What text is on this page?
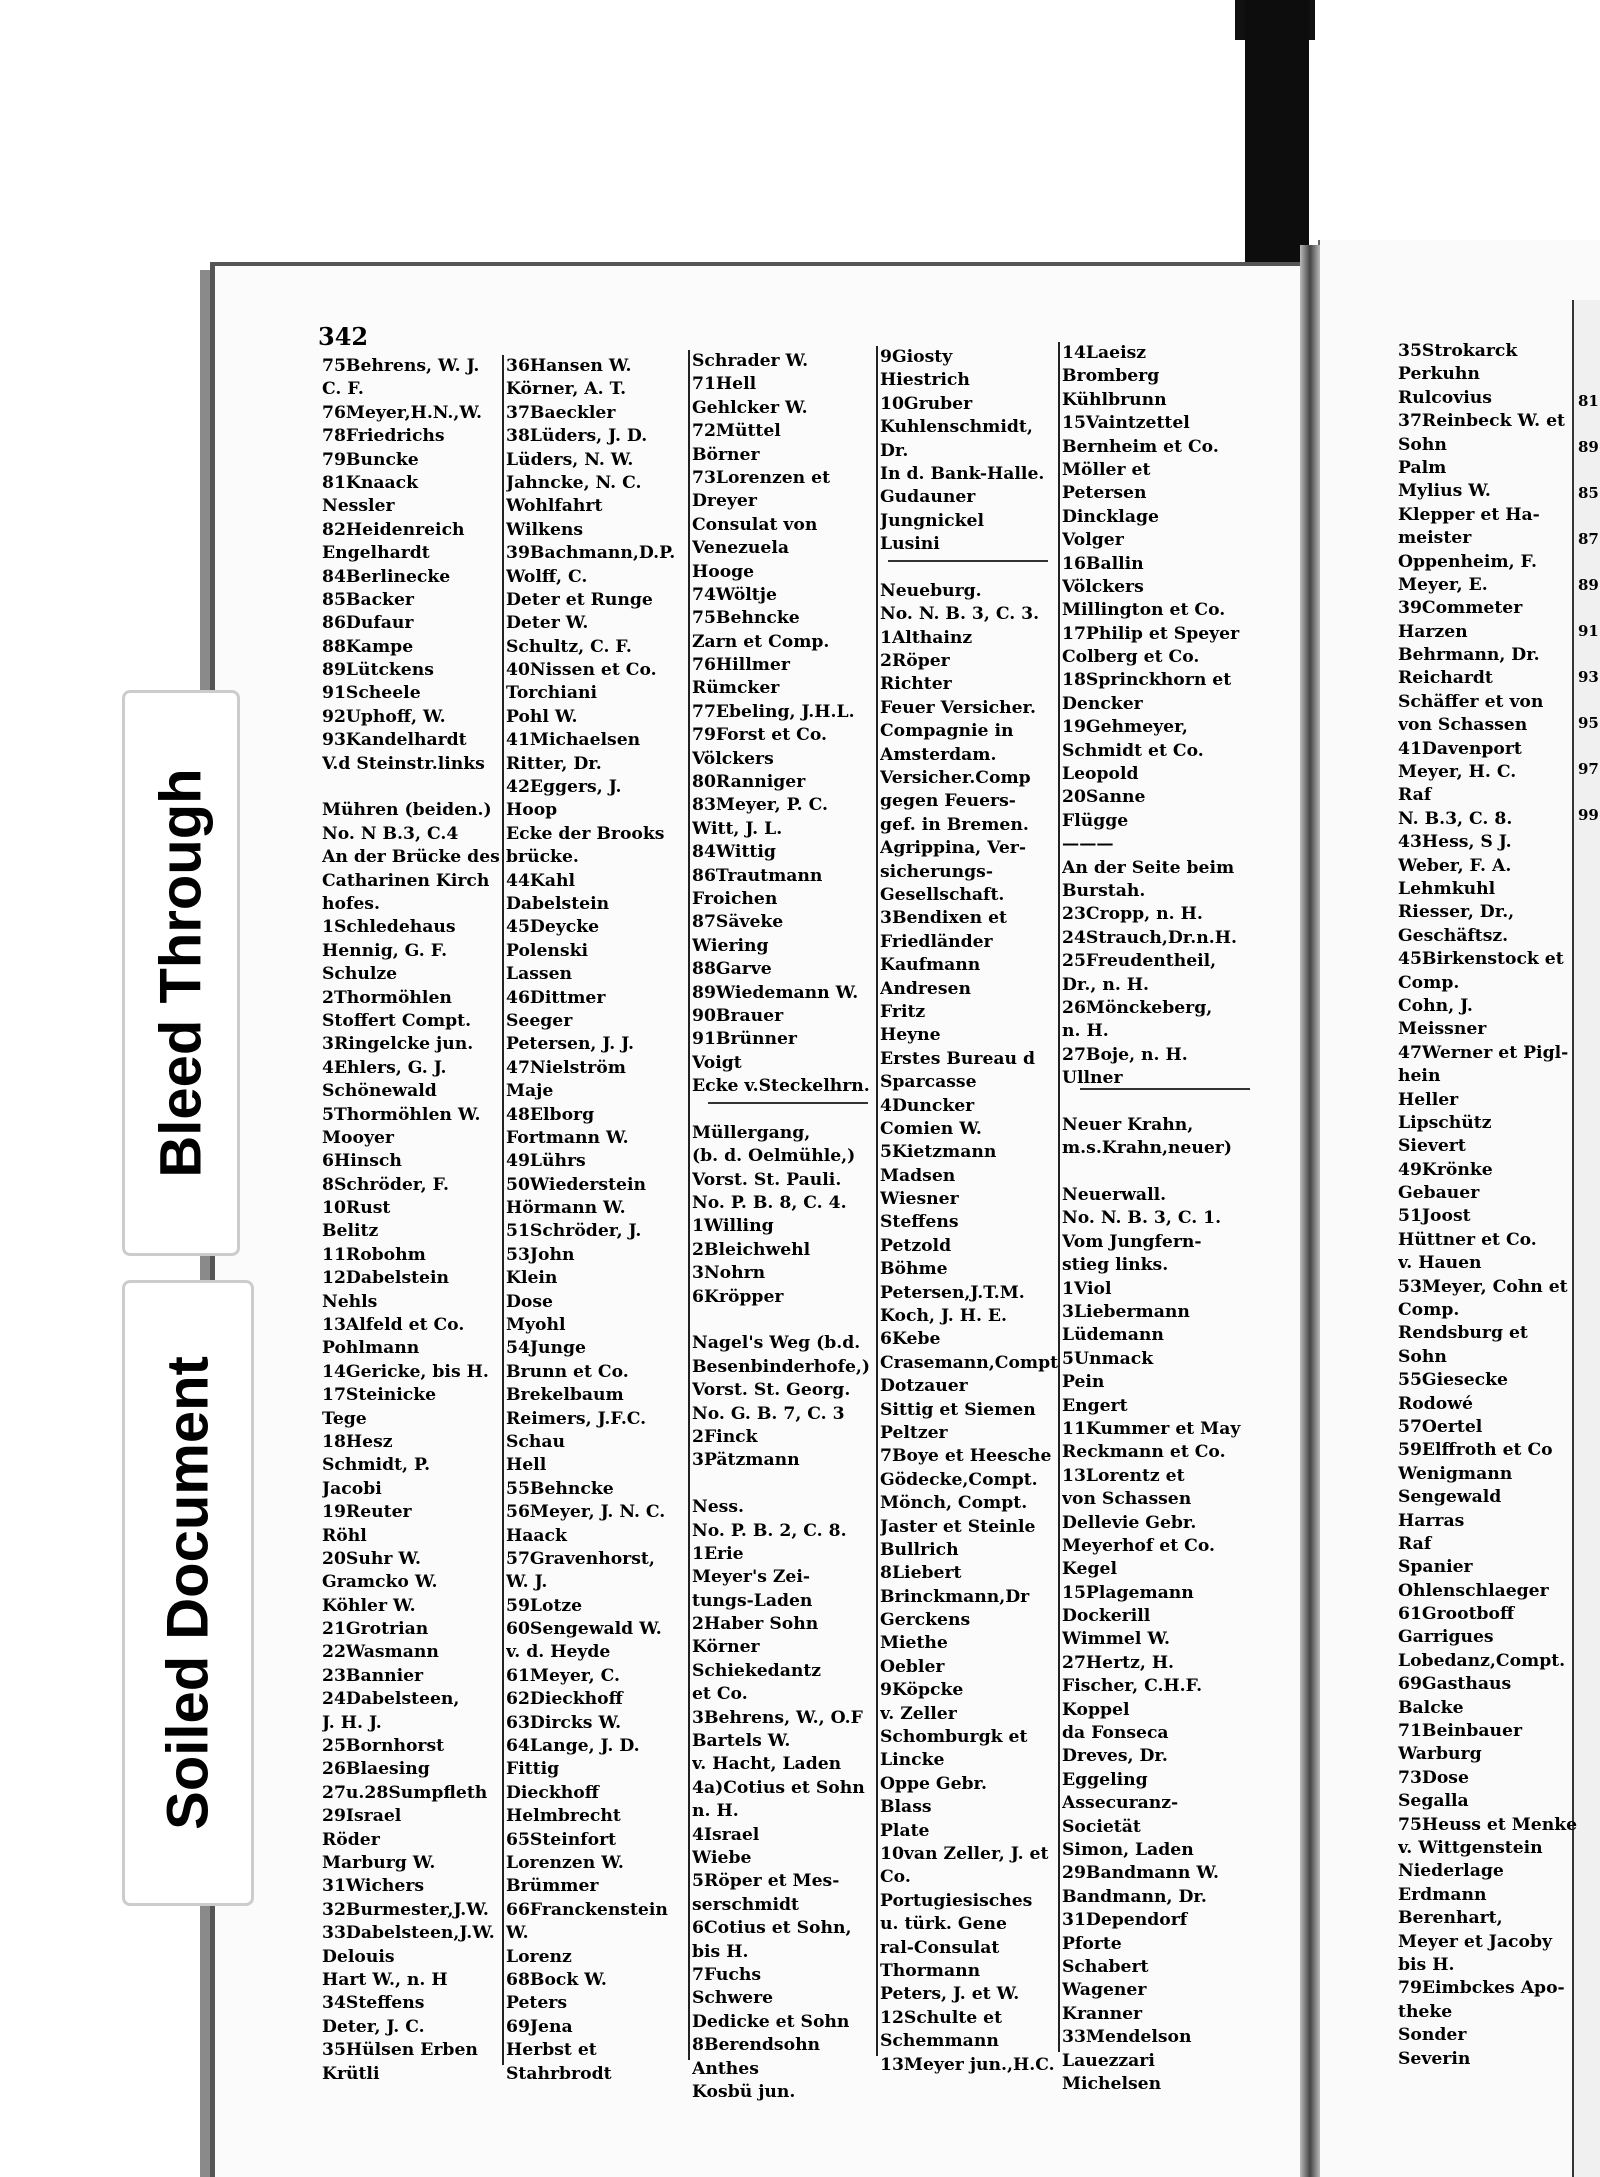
342
75Behrens, W. J.
C. F.
76Meyer,H.N.,W.
78Friedrichs
79Buncke
81Knaack
Nessler
82Heidenreich
Engelhardt
84Berlinecke
85Backer
86Dufaur
88Kampe
89Lütckens
91Scheele
92Uphoff, W.
93Kandelhardt
V.d Steinstr.links
Mühren (beiden.)
No. N B.3, C.4
An der Brücke des
Catharinen Kirch
hofes.
1Schledehaus
Hennig, G. F.
Schulze
2Thormöhlen
Stoffert Compt.
3Ringelcke jun.
4Ehlers, G. J.
Schönewald
5Thormöhlen W.
Mooyer
6Hinsch
8Schröder, F.
10Rust
Belitz
11Robohm
12Dabelstein
Nehls
13Alfeld et Co.
Pohlmann
14Gericke, bis H.
17Steinicke
Tege
18Hesz
Schmidt, P.
Jacobi
19Reuter
Röhl
20Suhr W.
Gramcko W.
Köhler W.
21Grotrian
22Wasmann
23Bannier
24Dabelsteen,
J. H. J.
25Bornhorst
26Blaesing
27u.28Sumpfleth
29Israel
Röder
Marburg W.
31Wichers
32Burmester,J.W.
33Dabelsteen,J.W.
Delouis
Hart W., n. H
34Steffens
Deter, J. C.
35Hülsen Erben
Krütli
36Hansen W.
Körner, A. T.
37Baeckler
38Lüders, J. D.
Lüders, N. W.
Jahncke, N. C.
Wohlfahrt
Wilkens
39Bachmann,D.P.
Wolff, C.
Deter et Runge
Deter W.
Schultz, C. F.
40Nissen et Co.
Torchiani
Pohl W.
41Michaelsen
Ritter, Dr.
42Eggers, J.
Hoop
Ecke der Brooks
brücke.
44Kahl
Dabelstein
45Deycke
Polenski
Lassen
46Dittmer
Seeger
Petersen, J. J.
47Nielström
Maje
48Elborg
Fortmann W.
49Lührs
50Wiederstein
Hörmann W.
51Schröder, J.
53John
Klein
Dose
Myohl
54Junge
Brunn et Co.
Brekelbaum
Reimers, J.F.C.
Schau
Hell
55Behncke
56Meyer, J. N. C.
Haack
57Gravenhorst,
W. J.
59Lotze
60Sengewald W.
v. d. Heyde
61Meyer, C.
62Dieckhoff
63Dircks W.
64Lange, J. D.
Fittig
Dieckhoff
Helmbrecht
65Steinfort
Lorenzen W.
Brümmer
66Franckenstein
W.
Lorenz
68Bock W.
Peters
69Jena
Herbst et
Stahrbrodt
Schrader W.
71Hell
Gehlcker W.
72Müttel
Börner
73Lorenzen et
Dreyer
Consulat von
Venezuela
Hooge
74Wöltje
75Behncke
Zarn et Comp.
76Hillmer
Rümcker
77Ebeling, J.H.L.
79Forst et Co.
Völckers
80Ranniger
83Meyer, P. C.
Witt, J. L.
84Wittig
86Trautmann
Froichen
87Säveke
Wiering
88Garve
89Wiedemann W.
90Brauer
91Brünner
Voigt
Ecke v.Steckelhrn.
Müllergang,
(b. d. Oelmühle,)
Vorst. St. Pauli.
No. P. B. 8, C. 4.
1Willing
2Bleichwehl
3Nohrn
6Kröpper
Nagel's Weg (b.d.
Besenbinderhofe,)
Vorst. St. Georg.
No. G. B. 7, C. 3
2Finck
3Pätzmann
Ness.
No. P. B. 2, C. 8.
1Erie
Meyer's Zei-
tungs-Laden
2Haber Sohn
Körner
Schiekedantz
et Co.
3Behrens, W., O.F
Bartels W.
v. Hacht, Laden
4a)Cotius et Sohn
n. H.
4Israel
Wiebe
5Röper et Mes-
serschmidt
6Cotius et Sohn,
bis H.
7Fuchs
Schwere
Dedicke et Sohn
8Berendsohn
Anthes
Kosbü jun.
9Giosty
Hiestrich
10Gruber
Kuhlenschmidt,
Dr.
In d. Bank-Halle.
Gudauner
Jungnickel
Lusini
Neueburg.
No. N. B. 3, C. 3.
1Althainz
2Röper
Richter
Feuer Versicher.
Compagnie in
Amsterdam.
Versicher.Comp
gegen Feuers-
gef. in Bremen.
Agrippina, Ver-
sicherungs-
Gesellschaft.
3Bendixen et
Friedländer
Kaufmann
Andresen
Fritz
Heyne
Erstes Bureau d
Sparcasse
4Duncker
Comien W.
5Kietzmann
Madsen
Wiesner
Steffens
Petzold
Böhme
Petersen,J.T.M.
Koch, J. H. E.
6Kebe
Crasemann,Compt
Dotzauer
Sittig et Siemen
Peltzer
7Boye et Heesche
Gödecke,Compt.
Mönch, Compt.
Jaster et Steinle
Bullrich
8Liebert
Brinckmann,Dr
Gerckens
Miethe
Oebler
9Köpcke
v. Zeller
Schomburgk et
Lincke
Oppe Gebr.
Blass
Plate
10van Zeller, J. et
Co.
Portugiesisches
u. türk. Gene
ral-Consulat
Thormann
Peters, J. et W.
12Schulte et
Schemmann
13Meyer jun.,H.C.
14Laeisz
Bromberg
Kühlbrunn
15Vaintzettel
Bernheim et Co.
Möller et
Petersen
Dincklage
Volger
16Ballin
Völckers
Millington et Co.
17Philip et Speyer
Colberg et Co.
18Sprinckhorn et
Dencker
19Gehmeyer,
Schmidt et Co.
Leopold
20Sanne
Flügge
———
An der Seite beim
Burstah.
23Cropp, n. H.
24Strauch,Dr.n.H.
25Freudentheil,
Dr., n. H.
26Mönckeberg,
n. H.
27Boje, n. H.
Ullner
Neuer Krahn,
m.s.Krahn,neuer)
Neuerwall.
No. N. B. 3, C. 1.
Vom Jungfern-
stieg links.
1Viol
3Liebermann
Lüdemann
5Unmack
Pein
Engert
11Kummer et May
Reckmann et Co.
13Lorentz et
von Schassen
Dellevie Gebr.
Meyerhof et Co.
Kegel
15Plagemann
Dockerill
Wimmel W.
27Hertz, H.
Fischer, C.H.F.
Koppel
da Fonseca
Dreves, Dr.
Eggeling
Assecuranz-
Societät
Simon, Laden
29Bandmann W.
Bandmann, Dr.
31Dependorf
Pforte
Schabert
Wagener
Kranner
33Mendelson
Lauezzari
Michelsen
35Strokarck
Perkuhn
Rulcovius
37Reinbeck W. et
Sohn
Palm
Mylius W.
Klepper et Ha-
meister
Oppenheim, F.
Meyer, E.
39Commeter
Harzen
Behrmann, Dr.
Reichardt
Schäffer et von
von Schassen
41Davenport
Meyer, H. C.
Raf
N. B.3, C. 8.
43Hess, S J.
Weber, F. A.
Lehmkuhl
Riesser, Dr.,
Geschäftsz.
45Birkenstock et
Comp.
Cohn, J.
Meissner
47Werner et Pigl-
hein
Heller
Lipschütz
Sievert
49Krönke
Gebauer
51Joost
Hüttner et Co.
v. Hauen
53Meyer, Cohn et
Comp.
Rendsburg et
Sohn
55Giesecke
Rodowé
57Oertel
59Elffroth et Co
Wenigmann
Sengewald
Harras
Raf
Spanier
Ohlenschlaeger
61Grootboff
Garrigues
Lobedanz,Compt.
69Gasthaus
Balcke
71Beinbauer
Warburg
73Dose
Segalla
75Heuss et Menke
v. Wittgenstein
Niederlage
Erdmann
Berenhart,
Meyer et Jacoby
bis H.
79Eimbckes Apo-
theke
Sonder
Severin
81
89
85
87
89
91
93
95
97
99
Bleed Through
Soiled Document
